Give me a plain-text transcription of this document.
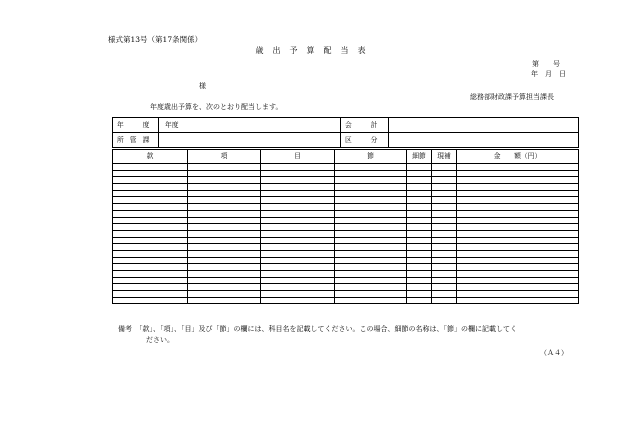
様式第13号（第17条関係）
歳出予算配当表
第　　号
年　月　日
様
総務部財政課予算担当課長
年度歳出予算を、次のとおり配当します。
年　度	年度	会　計	
所管課		区　分	
款	項	目	節	細節	現補	金　　額（円）

備考　「款」、「項」、「目」及び「節」の欄には、科目名を記載してください。この場合、細節の名称は、「節」の欄に記載してく
ださい。
（Ａ４）
